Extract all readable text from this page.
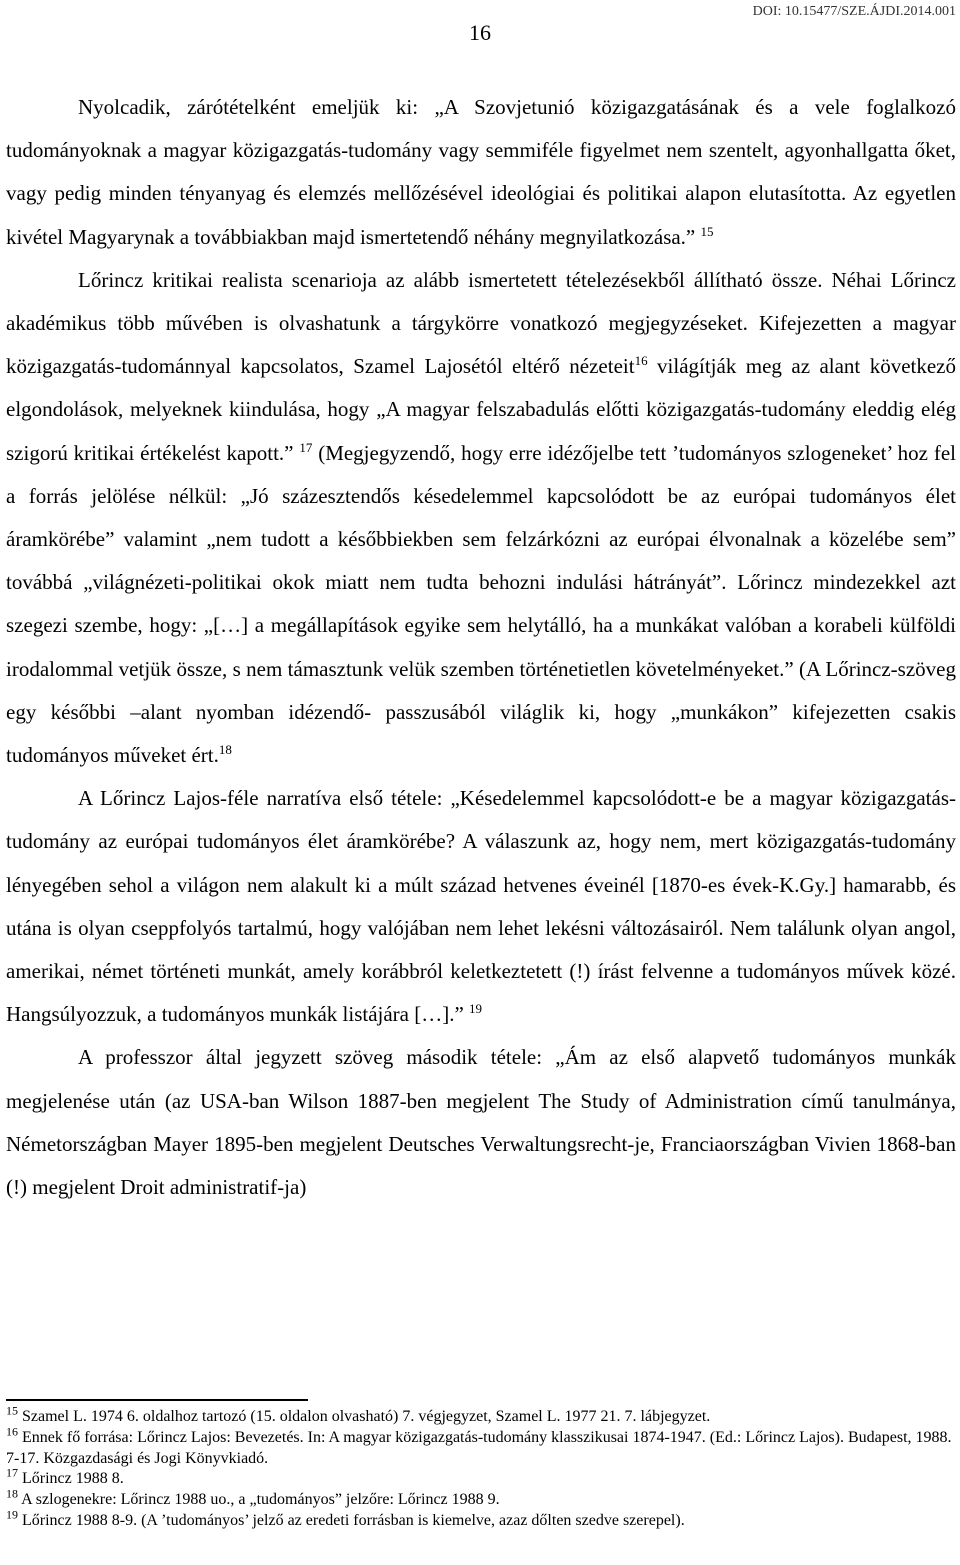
DOI: 10.15477/SZE.ÁJDI.2014.001
16

Nyolcadik, zárótételként emeljük ki: „A Szovjetunió közigazgatásának és a vele foglalkozó tudományoknak a magyar közigazgatás-tudomány vagy semmiféle figyelmet nem szentelt, agyonhallgatta őket, vagy pedig minden tényanyag és elemzés mellőzésével ideológiai és politikai alapon elutasította. Az egyetlen kivétel Magyarynak a továbbiakban majd ismertetendő néhány megnyilatkozása.” $^{15}$

Lőrincz kritikai realista scenarioja az alább ismertetett tételezésekből állítható össze. Néhai Lőrincz akadémikus több művében is olvashatunk a tárgykörre vonatkozó megjegyzéseket. Kifejezetten a magyar közigazgatás-tudománnyal kapcsolatos, Szamel Lajosétól eltérő nézeteit$^{16}$ világítják meg az alant következő elgondolások, melyeknek kiindulása, hogy „A magyar felszabadulás előtti közigazgatás-tudomány eleddig elég szigorú kritikai értékelést kapott.” $^{17}$ (Megjegyzendő, hogy erre idézőjelbe tett ’tudományos szlogeneket’ hoz fel a forrás jelölése nélkül: „Jó százesztendős késedelemmel kapcsolódott be az európai tudományos élet áramkörébe” valamint „nem tudott a későbbiekben sem felzárkózni az európai élvonalnak a közelébe sem” továbbá „világnézeti-politikai okok miatt nem tudta behozni indulási hátrányát”. Lőrincz mindezekkel azt szegezi szembe, hogy: „[…] a megállapítások egyike sem helytálló, ha a munkákat valóban a korabeli külföldi irodalommal vetjük össze, s nem támasztunk velük szemben történetietlen követelményeket.” (A Lőrincz-szöveg egy későbbi –alant nyomban idézendő- passzusából világlik ki, hogy „munkákon” kifejezetten csakis tudományos műveket ért.$^{18}$

A Lőrincz Lajos-féle narratíva első tétele: „Késedelemmel kapcsolódott-e be a magyar közigazgatás-tudomány az európai tudományos élet áramkörébe? A válaszunk az, hogy nem, mert közigazgatás-tudomány lényegében sehol a világon nem alakult ki a múlt század hetvenes éveinél [1870-es évek-K.Gy.] hamarabb, és utána is olyan cseppfolyós tartalmú, hogy valójában nem lehet lekésni változásairól. Nem találunk olyan angol, amerikai, német történeti munkát, amely korábbról keletkeztetett (!) írást felvenne a tudományos művek közé. Hangsúlyozzuk, a tudományos munkák listájára […].” $^{19}$

A professzor által jegyzett szöveg második tétele: „Ám az első alapvető tudományos munkák megjelenése után (az USA-ban Wilson 1887-ben megjelent The Study of Administration című tanulmánya, Németországban Mayer 1895-ben megjelent Deutsches Verwaltungsrecht-je, Franciaországban Vivien 1868-ban (!) megjelent Droit administratif-ja)

$^{15}$ Szamel L. 1974 6. oldalhoz tartozó (15. oldalon olvasható) 7. végjegyzet, Szamel L. 1977 21. 7. lábjegyzet.

$^{16}$ Ennek fő forrása: Lőrincz Lajos: Bevezetés. In: A magyar közigazgatás-tudomány klasszikusai 1874-1947. (Ed.: Lőrincz Lajos). Budapest, 1988. 7-17. Közgazdasági és Jogi Könyvkiadó.

$^{17}$ Lőrincz 1988 8.

$^{18}$ A szlogenekre: Lőrincz 1988 uo., a „tudományos” jelzőre: Lőrincz 1988 9.

$^{19}$ Lőrincz 1988 8-9. (A ’tudományos’ jelző az eredeti forrásban is kiemelve, azaz dőlten szedve szerepel).
